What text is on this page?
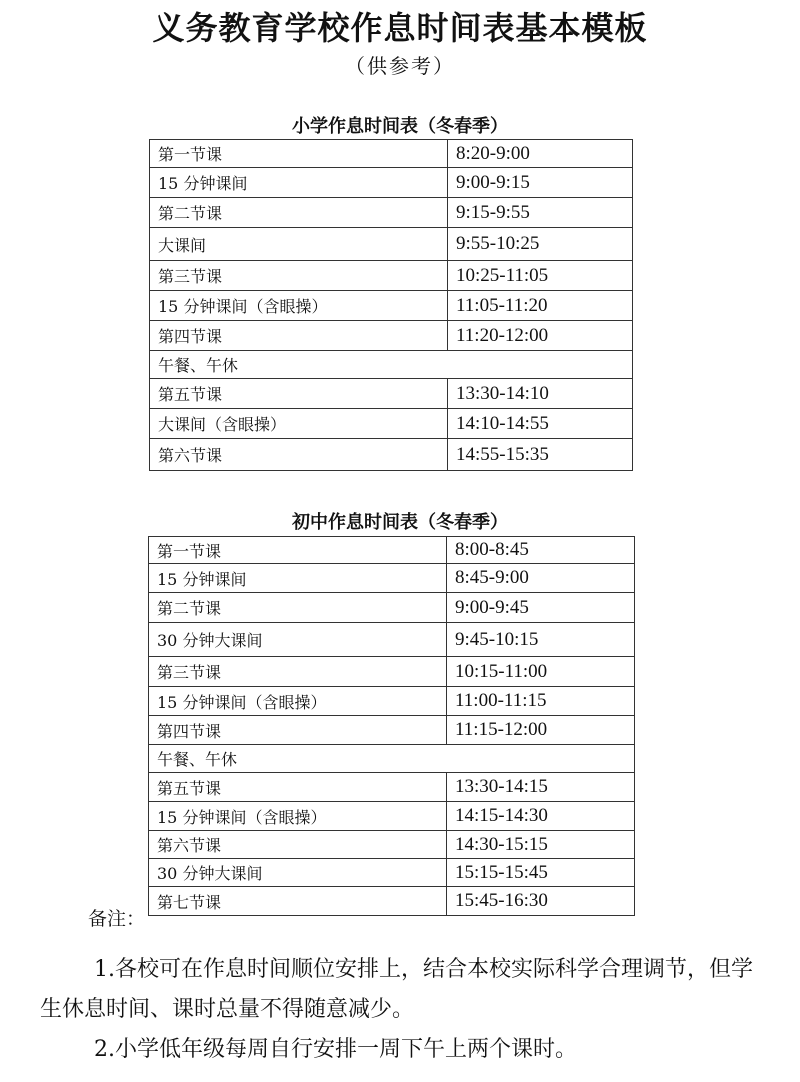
义务教育学校作息时间表基本模板
（供参考）
小学作息时间表（冬春季）
第一节课	8:20-9:00
15 分钟课间	9:00-9:15
第二节课	9:15-9:55
大课间	9:55-10:25
第三节课	10:25-11:05
15 分钟课间（含眼操）	11:05-11:20
第四节课	11:20-12:00
午餐、午休	
第五节课	13:30-14:10
大课间（含眼操）	14:10-14:55
第六节课	14:55-15:35
初中作息时间表（冬春季）
第一节课	8:00-8:45
15 分钟课间	8:45-9:00
第二节课	9:00-9:45
30 分钟大课间	9:45-10:15
第三节课	10:15-11:00
15 分钟课间（含眼操）	11:00-11:15
第四节课	11:15-12:00
午餐、午休	
第五节课	13:30-14:15
15 分钟课间（含眼操）	14:15-14:30
第六节课	14:30-15:15
30 分钟大课间	15:15-15:45
第七节课	15:45-16:30
备注：
1.各校可在作息时间顺位安排上，结合本校实际科学合理调节，但学生休息时间、课时总量不得随意减少。
2.小学低年级每周自行安排一周下午上两个课时。
